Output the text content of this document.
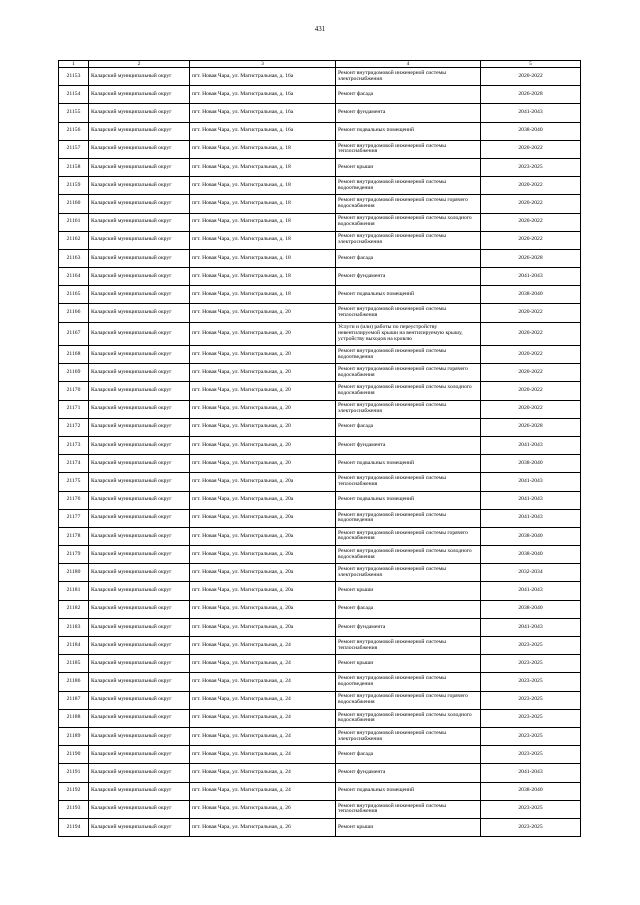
431
1	2	3	4	5
21153	Каларский муниципальный округ	пгт. Новая Чара, ул. Магистральная, д. 16а	Ремонт внутридомовой инженерной системы электроснабжения	2020-2022
21154	Каларский муниципальный округ	пгт. Новая Чара, ул. Магистральная, д. 16а	Ремонт фасада	2026-2028
21155	Каларский муниципальный округ	пгт. Новая Чара, ул. Магистральная, д. 16а	Ремонт фундамента	2041-2043
21156	Каларский муниципальный округ	пгт. Новая Чара, ул. Магистральная, д. 16а	Ремонт подвальных помещений	2038-2040
21157	Каларский муниципальный округ	пгт. Новая Чара, ул. Магистральная, д. 18	Ремонт внутридомовой инженерной системы теплоснабжения	2020-2022
21158	Каларский муниципальный округ	пгт. Новая Чара, ул. Магистральная, д. 18	Ремонт крыши	2023-2025
21159	Каларский муниципальный округ	пгт. Новая Чара, ул. Магистральная, д. 18	Ремонт внутридомовой инженерной системы водоотведения	2020-2022
21160	Каларский муниципальный округ	пгт. Новая Чара, ул. Магистральная, д. 18	Ремонт внутридомовой инженерной системы горячего водоснабжения	2020-2022
21161	Каларский муниципальный округ	пгт. Новая Чара, ул. Магистральная, д. 18	Ремонт внутридомовой инженерной системы холодного водоснабжения	2020-2022
21162	Каларский муниципальный округ	пгт. Новая Чара, ул. Магистральная, д. 18	Ремонт внутридомовой инженерной системы электроснабжения	2020-2022
21163	Каларский муниципальный округ	пгт. Новая Чара, ул. Магистральная, д. 18	Ремонт фасада	2026-2028
21164	Каларский муниципальный округ	пгт. Новая Чара, ул. Магистральная, д. 18	Ремонт фундамента	2041-2043
21165	Каларский муниципальный округ	пгт. Новая Чара, ул. Магистральная, д. 18	Ремонт подвальных помещений	2038-2040
21166	Каларский муниципальный округ	пгт. Новая Чара, ул. Магистральная, д. 20	Ремонт внутридомовой инженерной системы теплоснабжения	2020-2022
21167	Каларский муниципальный округ	пгт. Новая Чара, ул. Магистральная, д. 20	Услуги и (или) работы по переустройству невентилируемой крыши на вентилируемую крышу, устройству выходов на кровлю	2020-2022
21168	Каларский муниципальный округ	пгт. Новая Чара, ул. Магистральная, д. 20	Ремонт внутридомовой инженерной системы водоотведения	2020-2022
21169	Каларский муниципальный округ	пгт. Новая Чара, ул. Магистральная, д. 20	Ремонт внутридомовой инженерной системы горячего водоснабжения	2020-2022
21170	Каларский муниципальный округ	пгт. Новая Чара, ул. Магистральная, д. 20	Ремонт внутридомовой инженерной системы холодного водоснабжения	2020-2022
21171	Каларский муниципальный округ	пгт. Новая Чара, ул. Магистральная, д. 20	Ремонт внутридомовой инженерной системы электроснабжения	2020-2022
21172	Каларский муниципальный округ	пгт. Новая Чара, ул. Магистральная, д. 20	Ремонт фасада	2026-2028
21173	Каларский муниципальный округ	пгт. Новая Чара, ул. Магистральная, д. 20	Ремонт фундамента	2041-2043
21174	Каларский муниципальный округ	пгт. Новая Чара, ул. Магистральная, д. 20	Ремонт подвальных помещений	2038-2040
21175	Каларский муниципальный округ	пгт. Новая Чара, ул. Магистральная, д. 20а	Ремонт внутридомовой инженерной системы теплоснабжения	2041-2043
21176	Каларский муниципальный округ	пгт. Новая Чара, ул. Магистральная, д. 20а	Ремонт подвальных помещений	2041-2043
21177	Каларский муниципальный округ	пгт. Новая Чара, ул. Магистральная, д. 20а	Ремонт внутридомовой инженерной системы водоотведения	2041-2043
21178	Каларский муниципальный округ	пгт. Новая Чара, ул. Магистральная, д. 20а	Ремонт внутридомовой инженерной системы горячего водоснабжения	2038-2040
21179	Каларский муниципальный округ	пгт. Новая Чара, ул. Магистральная, д. 20а	Ремонт внутридомовой инженерной системы холодного водоснабжения	2038-2040
21180	Каларский муниципальный округ	пгт. Новая Чара, ул. Магистральная, д. 20а	Ремонт внутридомовой инженерной системы электроснабжения	2032-2034
21181	Каларский муниципальный округ	пгт. Новая Чара, ул. Магистральная, д. 20а	Ремонт крыши	2041-2043
21182	Каларский муниципальный округ	пгт. Новая Чара, ул. Магистральная, д. 20а	Ремонт фасада	2038-2040
21183	Каларский муниципальный округ	пгт. Новая Чара, ул. Магистральная, д. 20а	Ремонт фундамента	2041-2043
21184	Каларский муниципальный округ	пгт. Новая Чара, ул. Магистральная, д. 24	Ремонт внутридомовой инженерной системы теплоснабжения	2023-2025
21185	Каларский муниципальный округ	пгт. Новая Чара, ул. Магистральная, д. 24	Ремонт крыши	2023-2025
21186	Каларский муниципальный округ	пгт. Новая Чара, ул. Магистральная, д. 24	Ремонт внутридомовой инженерной системы водоотведения	2023-2025
21187	Каларский муниципальный округ	пгт. Новая Чара, ул. Магистральная, д. 24	Ремонт внутридомовой инженерной системы горячего водоснабжения	2023-2025
21188	Каларский муниципальный округ	пгт. Новая Чара, ул. Магистральная, д. 24	Ремонт внутридомовой инженерной системы холодного водоснабжения	2023-2025
21189	Каларский муниципальный округ	пгт. Новая Чара, ул. Магистральная, д. 24	Ремонт внутридомовой инженерной системы электроснабжения	2023-2025
21190	Каларский муниципальный округ	пгт. Новая Чара, ул. Магистральная, д. 24	Ремонт фасада	2023-2025
21191	Каларский муниципальный округ	пгт. Новая Чара, ул. Магистральная, д. 24	Ремонт фундамента	2041-2043
21192	Каларский муниципальный округ	пгт. Новая Чара, ул. Магистральная, д. 24	Ремонт подвальных помещений	2038-2040
21193	Каларский муниципальный округ	пгт. Новая Чара, ул. Магистральная, д. 26	Ремонт внутридомовой инженерной системы теплоснабжения	2023-2025
21194	Каларский муниципальный округ	пгт. Новая Чара, ул. Магистральная, д. 26	Ремонт крыши	2023-2025
